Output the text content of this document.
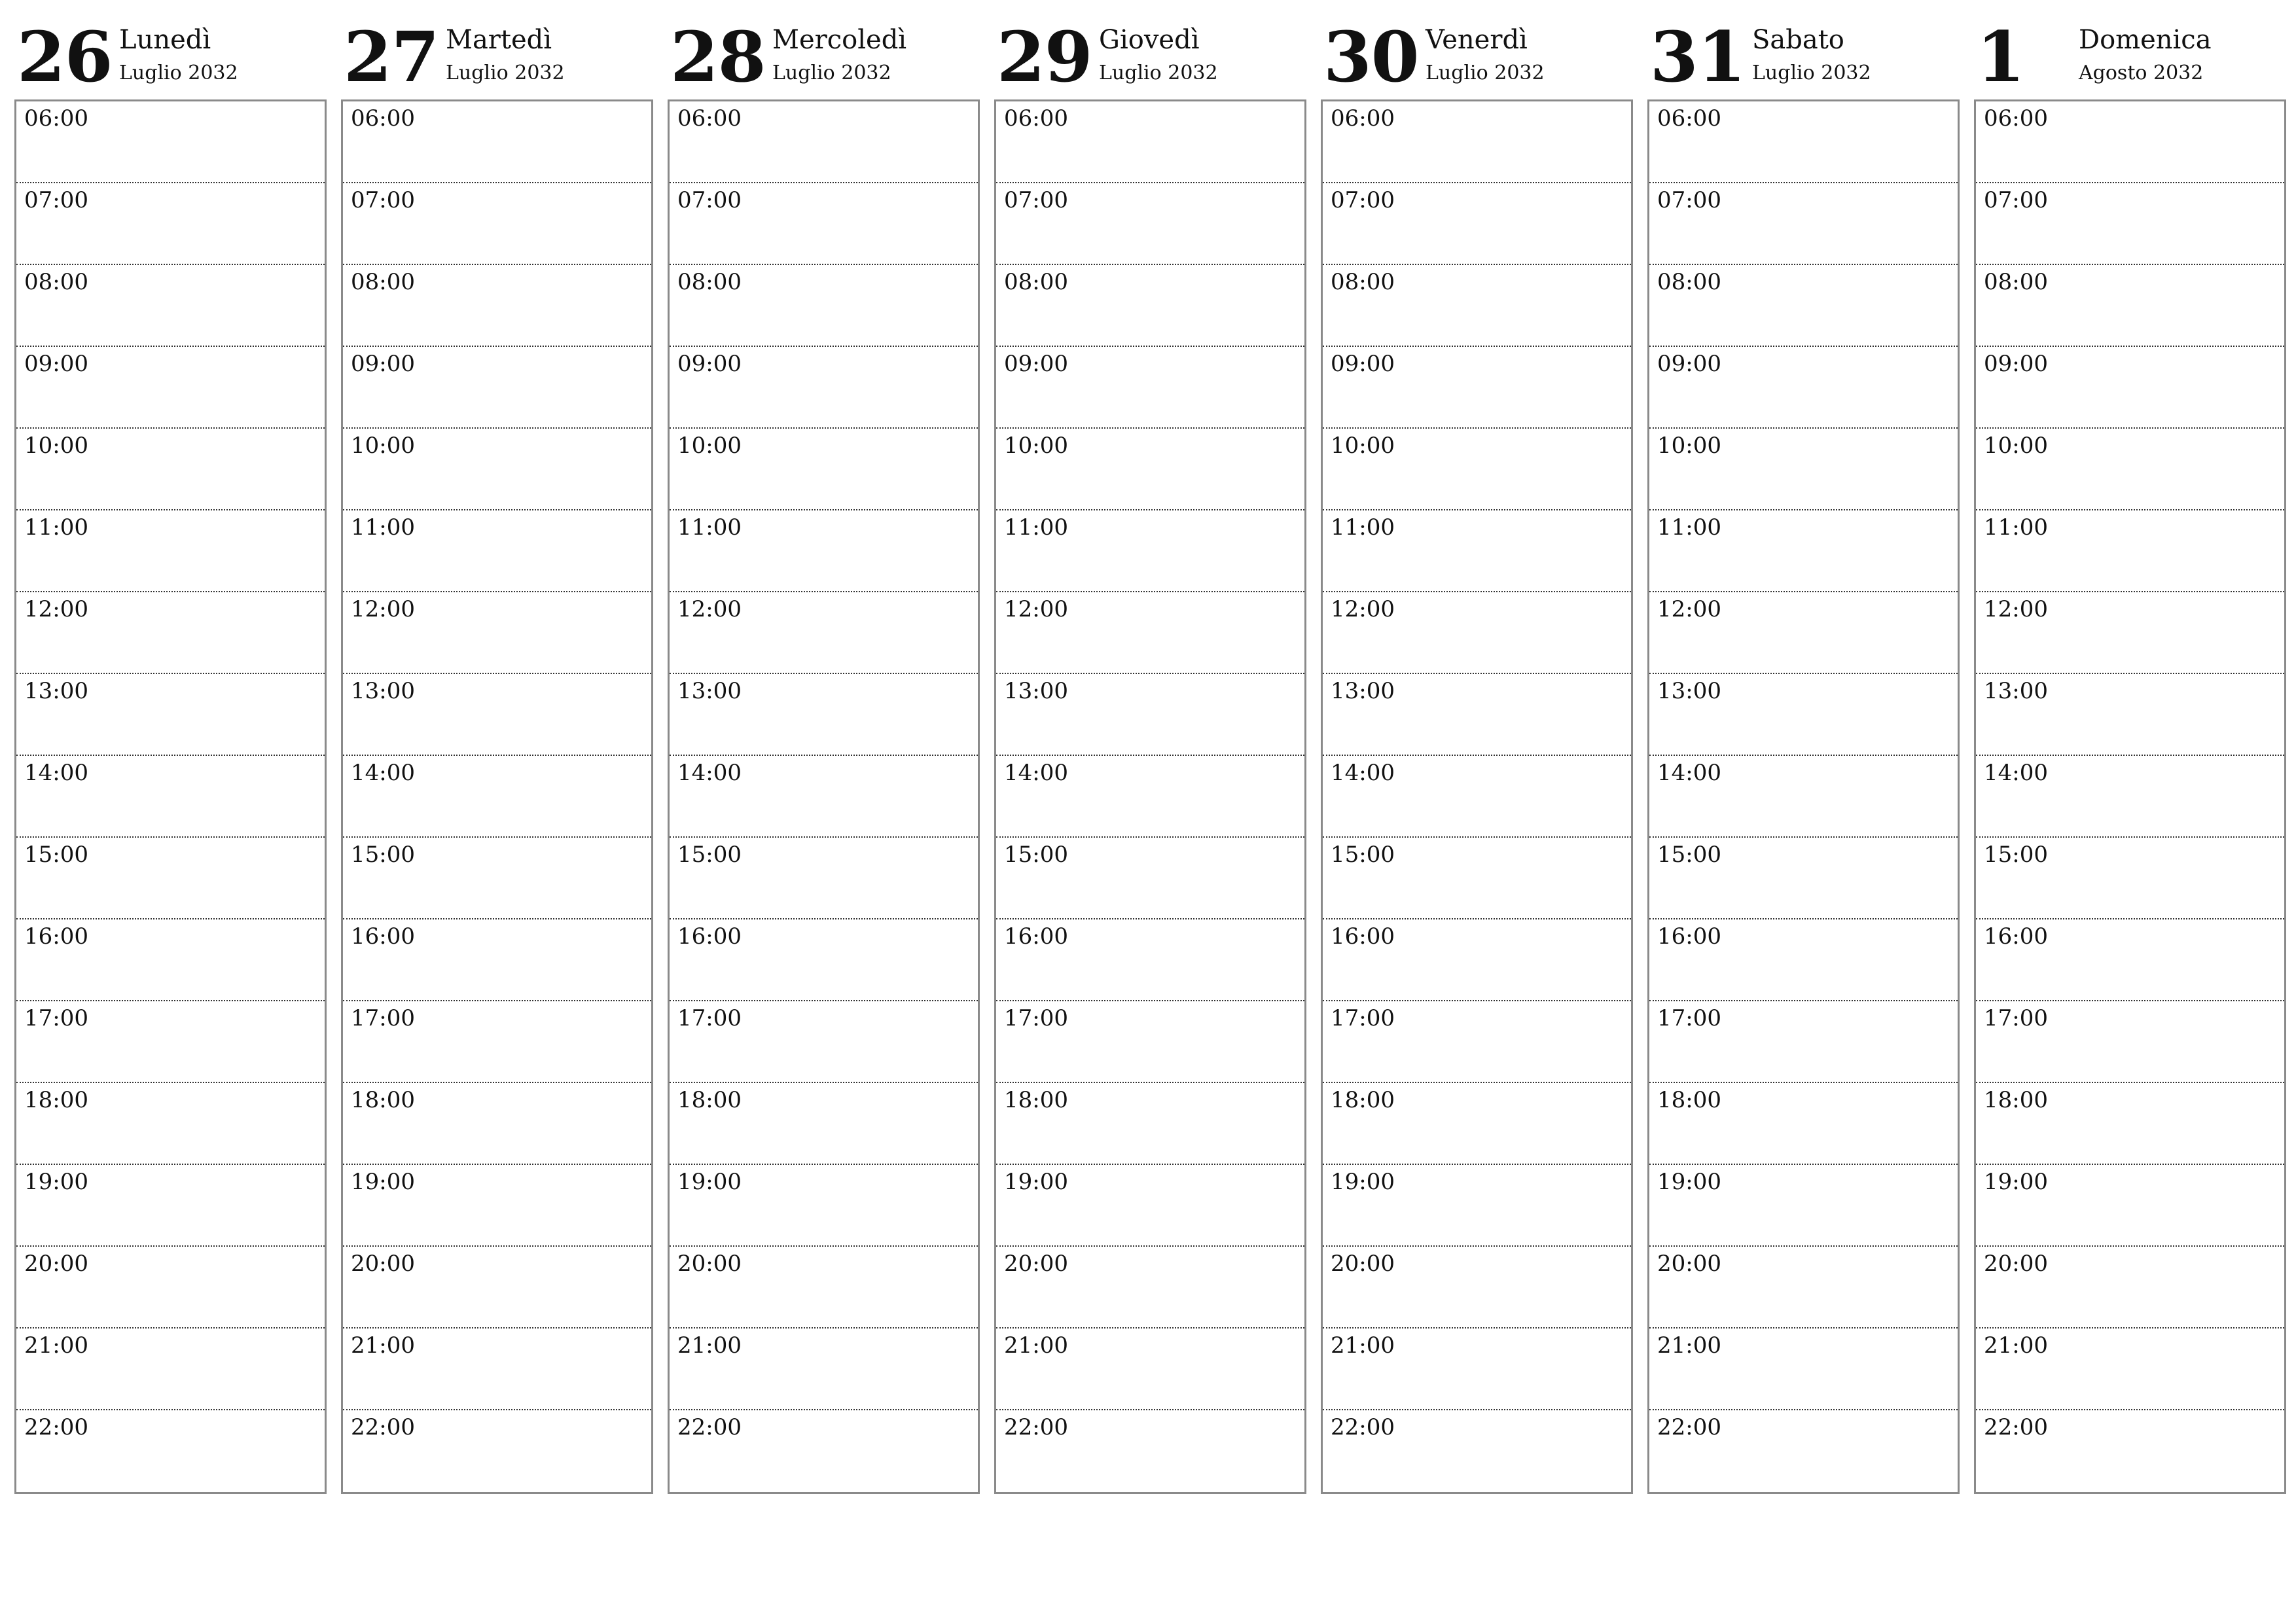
26 Lunedì
Luglio 2032
06:00
07:00
08:00
09:00
10:00
11:00
12:00
13:00
14:00
15:00
16:00
17:00
18:00
19:00
20:00
21:00
22:00
27 Martedì
Luglio 2032
06:00
07:00
08:00
09:00
10:00
11:00
12:00
13:00
14:00
15:00
16:00
17:00
18:00
19:00
20:00
21:00
22:00
28 Mercoledì
Luglio 2032
06:00
07:00
08:00
09:00
10:00
11:00
12:00
13:00
14:00
15:00
16:00
17:00
18:00
19:00
20:00
21:00
22:00
29 Giovedì
Luglio 2032
06:00
07:00
08:00
09:00
10:00
11:00
12:00
13:00
14:00
15:00
16:00
17:00
18:00
19:00
20:00
21:00
22:00
30 Venerdì
Luglio 2032
06:00
07:00
08:00
09:00
10:00
11:00
12:00
13:00
14:00
15:00
16:00
17:00
18:00
19:00
20:00
21:00
22:00
31 Sabato
Luglio 2032
06:00
07:00
08:00
09:00
10:00
11:00
12:00
13:00
14:00
15:00
16:00
17:00
18:00
19:00
20:00
21:00
22:00
1 Domenica
Agosto 2032
06:00
07:00
08:00
09:00
10:00
11:00
12:00
13:00
14:00
15:00
16:00
17:00
18:00
19:00
20:00
21:00
22:00
